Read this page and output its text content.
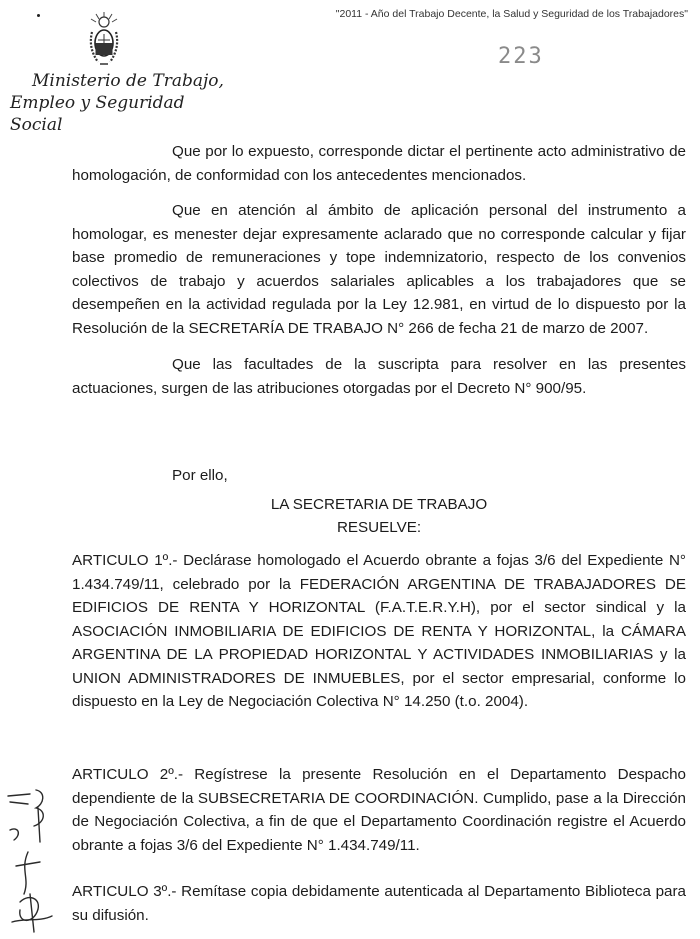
"2011 - Año del Trabajo Decente, la Salud y Seguridad de los Trabajadores"
223
Ministerio de Trabajo,
Empleo y Seguridad Social
Que por lo expuesto, corresponde dictar el pertinente acto administrativo de homologación, de conformidad con los antecedentes mencionados.
Que en atención al ámbito de aplicación personal del instrumento a homologar, es menester dejar expresamente aclarado que no corresponde calcular y fijar base promedio de remuneraciones y tope indemnizatorio, respecto de los convenios colectivos de trabajo y acuerdos salariales aplicables a los trabajadores que se desempeñen en la actividad regulada por la Ley 12.981, en virtud de lo dispuesto por la Resolución de la SECRETARÍA DE TRABAJO N° 266 de fecha 21 de marzo de 2007.
Que las facultades de la suscripta para resolver en las presentes actuaciones, surgen de las atribuciones otorgadas por el Decreto N° 900/95.
Por ello,
LA SECRETARIA DE TRABAJO
RESUELVE:
ARTICULO 1º.- Declárase homologado el Acuerdo obrante a fojas 3/6 del Expediente N° 1.434.749/11, celebrado por la FEDERACIÓN ARGENTINA DE TRABAJADORES DE EDIFICIOS DE RENTA Y HORIZONTAL (F.A.T.E.R.Y.H), por el sector sindical y la ASOCIACIÓN INMOBILIARIA DE EDIFICIOS DE RENTA Y HORIZONTAL, la CÁMARA ARGENTINA DE LA PROPIEDAD HORIZONTAL Y ACTIVIDADES INMOBILIARIAS y la UNION ADMINISTRADORES DE INMUEBLES, por el sector empresarial, conforme lo dispuesto en la Ley de Negociación Colectiva N° 14.250 (t.o. 2004).
ARTICULO 2º.- Regístrese la presente Resolución en el Departamento Despacho dependiente de la SUBSECRETARIA DE COORDINACIÓN. Cumplido, pase a la Dirección de Negociación Colectiva, a fin de que el Departamento Coordinación registre el Acuerdo obrante a fojas 3/6 del Expediente N° 1.434.749/11.
ARTICULO 3º.- Remítase copia debidamente autenticada al Departamento Biblioteca para su difusión.
